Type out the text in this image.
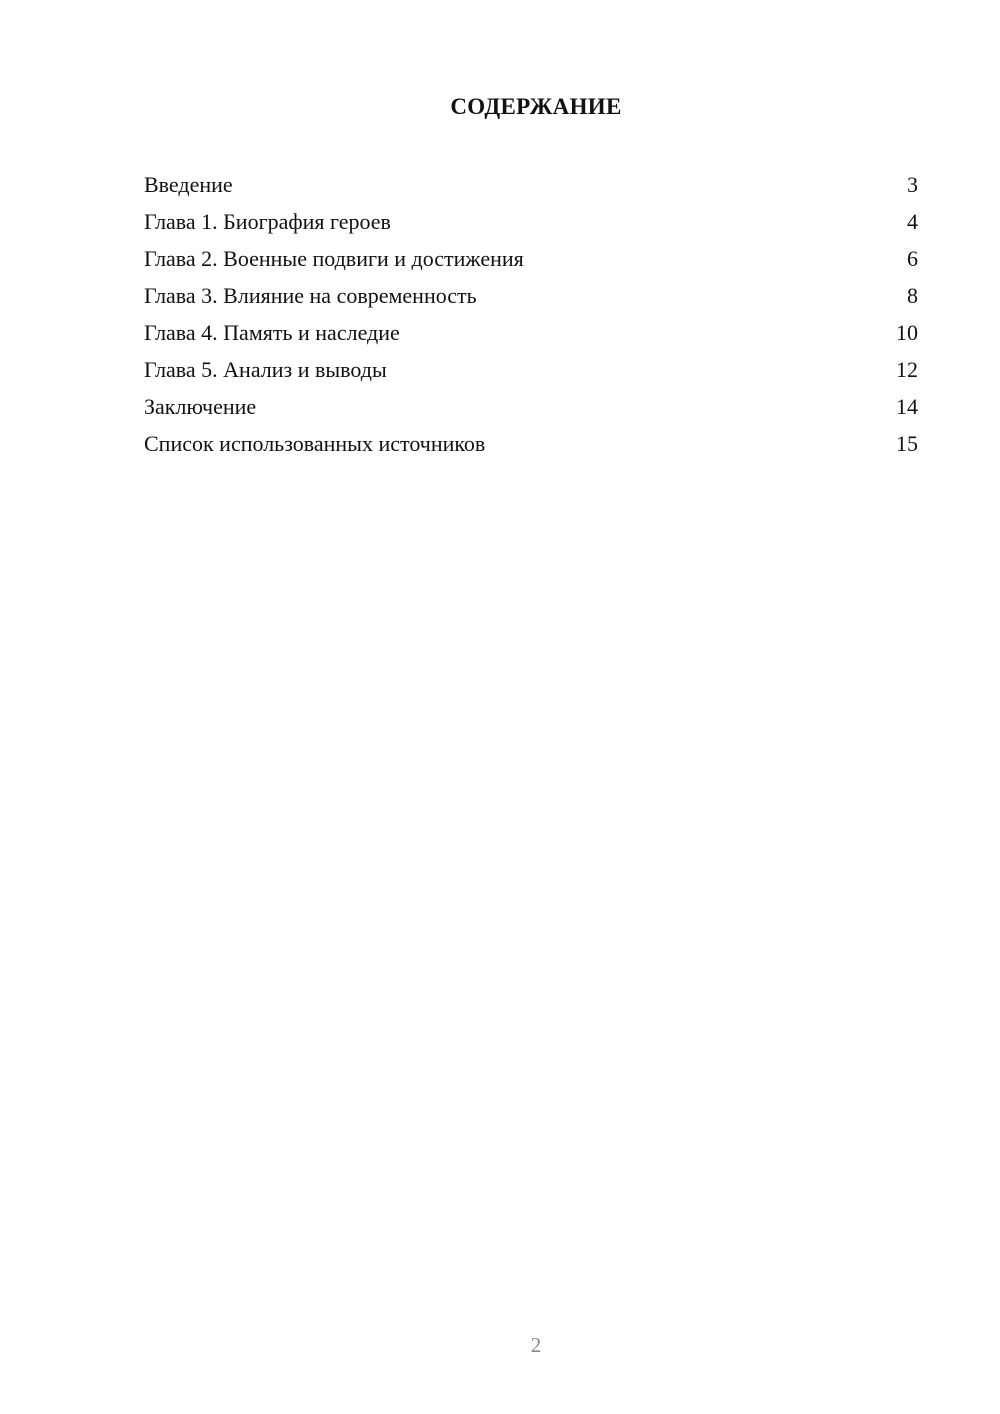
СОДЕРЖАНИЕ
Введение	3
Глава 1. Биография героев	4
Глава 2. Военные подвиги и достижения	6
Глава 3. Влияние на современность	8
Глава 4. Память и наследие	10
Глава 5. Анализ и выводы	12
Заключение	14
Список использованных источников	15
2
